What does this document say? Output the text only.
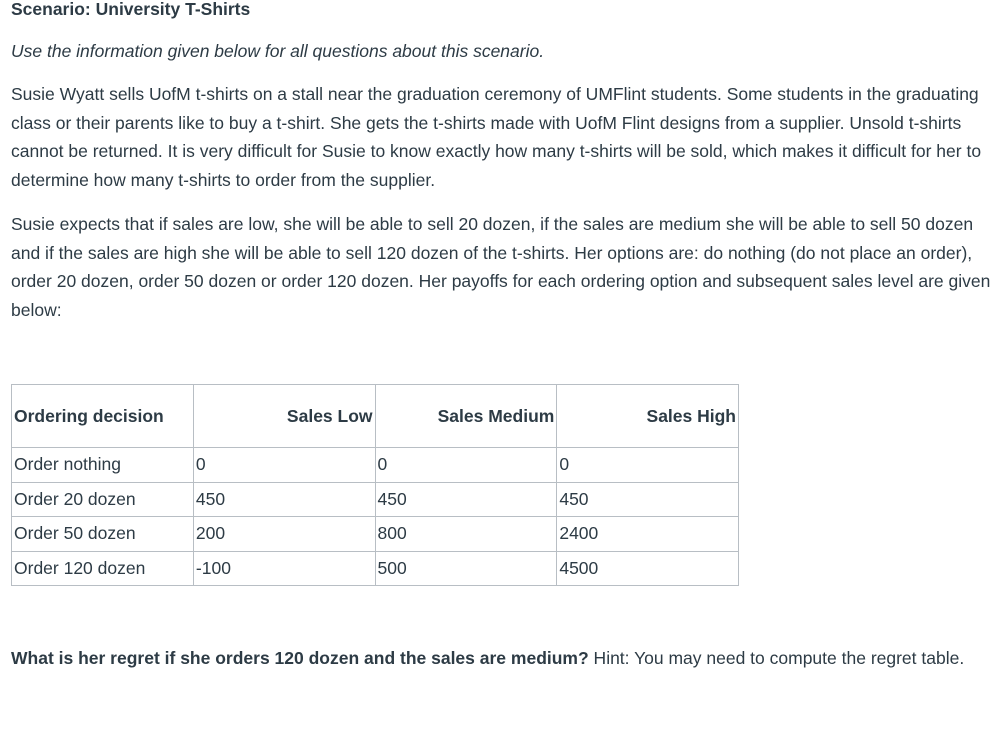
Scenario: University T-Shirts
Use the information given below for all questions about this scenario.
Susie Wyatt sells UofM t-shirts on a stall near the graduation ceremony of UMFlint students. Some students in the graduating class or their parents like to buy a t-shirt. She gets the t-shirts made with UofM Flint designs from a supplier. Unsold t-shirts cannot be returned. It is very difficult for Susie to know exactly how many t-shirts will be sold, which makes it difficult for her to determine how many t-shirts to order from the supplier.
Susie expects that if sales are low, she will be able to sell 20 dozen, if the sales are medium she will be able to sell 50 dozen and if the sales are high she will be able to sell 120 dozen of the t-shirts. Her options are: do nothing (do not place an order), order 20 dozen, order 50 dozen or order 120 dozen. Her payoffs for each ordering option and subsequent sales level are given below:
Ordering decision	Sales Low	Sales Medium	Sales High
Order nothing	0	0	0
Order 20 dozen	450	450	450
Order 50 dozen	200	800	2400
Order 120 dozen	-100	500	4500
What is her regret if she orders 120 dozen and the sales are medium? Hint: You may need to compute the regret table.
